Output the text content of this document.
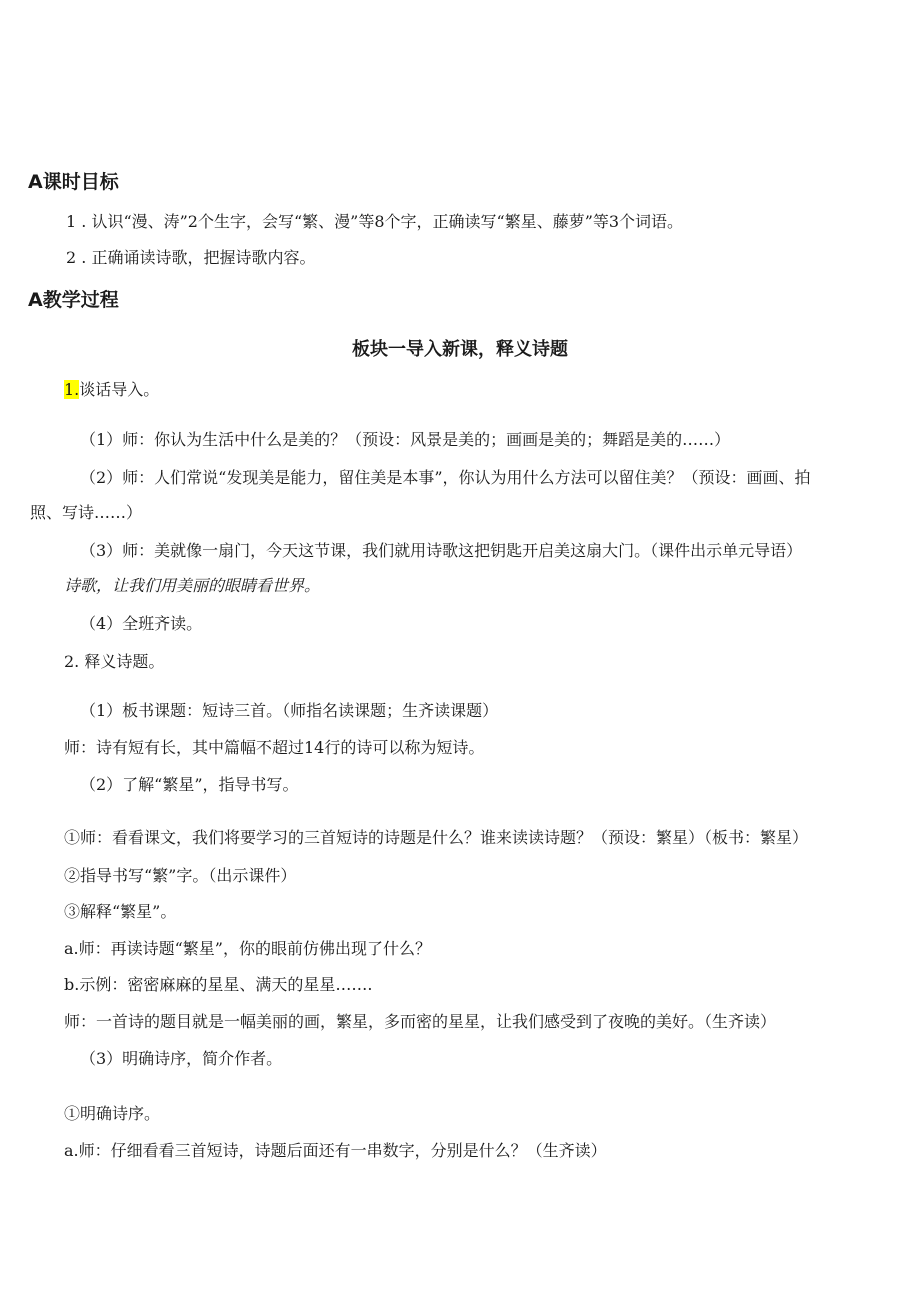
A课时目标
1 . 认识“漫、涛”2个生字，会写“繁、漫”等8个字，正确读写“繁星、藤萝”等3个词语。
2 . 正确诵读诗歌，把握诗歌内容。
A教学过程
板块一导入新课，释义诗题
1.谈话导入。
（1）师：你认为生活中什么是美的？（预设：风景是美的；画画是美的；舞蹈是美的……）
（2）师：人们常说“发现美是能力，留住美是本事”，你认为用什么方法可以留住美？（预设：画画、拍
照、写诗……）
（3）师：美就像一扇门，今天这节课，我们就用诗歌这把钥匙开启美这扇大门。（课件出示单元导语）
诗歌，让我们用美丽的眼睛看世界。
（4）全班齐读。
2. 释义诗题。
（1）板书课题：短诗三首。（师指名读课题；生齐读课题）
师：诗有短有长，其中篇幅不超过14行的诗可以称为短诗。
（2）了解“繁星”，指导书写。
①师：看看课文，我们将要学习的三首短诗的诗题是什么？谁来读读诗题？（预设：繁星）（板书：繁星）
②指导书写“繁”字。（出示课件）
③解释“繁星”。
a.师：再读诗题“繁星”，你的眼前仿佛出现了什么？
b.示例：密密麻麻的星星、满天的星星…….
师：一首诗的题目就是一幅美丽的画，繁星，多而密的星星，让我们感受到了夜晚的美好。（生齐读）
（3）明确诗序，简介作者。
①明确诗序。
a.师：仔细看看三首短诗，诗题后面还有一串数字，分别是什么？（生齐读）
